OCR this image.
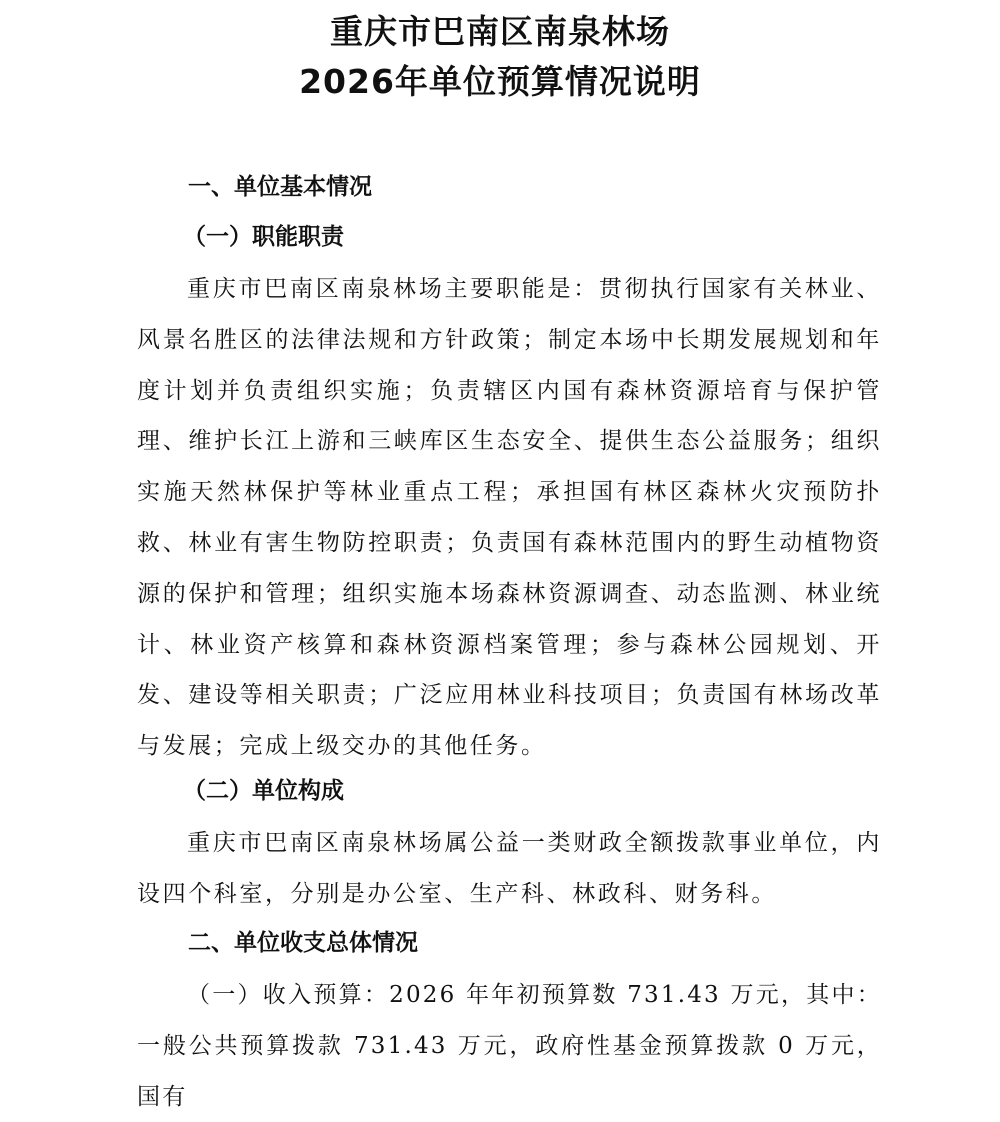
重庆市巴南区南泉林场
2026年单位预算情况说明
一、单位基本情况
（一）职能职责

重庆市巴南区南泉林场主要职能是：贯彻执行国家有关林业、风景名胜区的法律法规和方针政策；制定本场中长期发展规划和年度计划并负责组织实施；负责辖区内国有森林资源培育与保护管理、维护长江上游和三峡库区生态安全、提供生态公益服务；组织实施天然林保护等林业重点工程；承担国有林区森林火灾预防扑救、林业有害生物防控职责；负责国有森林范围内的野生动植物资源的保护和管理；组织实施本场森林资源调查、动态监测、林业统计、林业资产核算和森林资源档案管理；参与森林公园规划、开发、建设等相关职责；广泛应用林业科技项目；负责国有林场改革与发展；完成上级交办的其他任务。

（二）单位构成

重庆市巴南区南泉林场属公益一类财政全额拨款事业单位，内设四个科室，分别是办公室、生产科、林政科、财务科。

二、单位收支总体情况

（一）收入预算：2026 年年初预算数 731.43 万元，其中：一般公共预算拨款 731.43 万元，政府性基金预算拨款 0 万元，国有
